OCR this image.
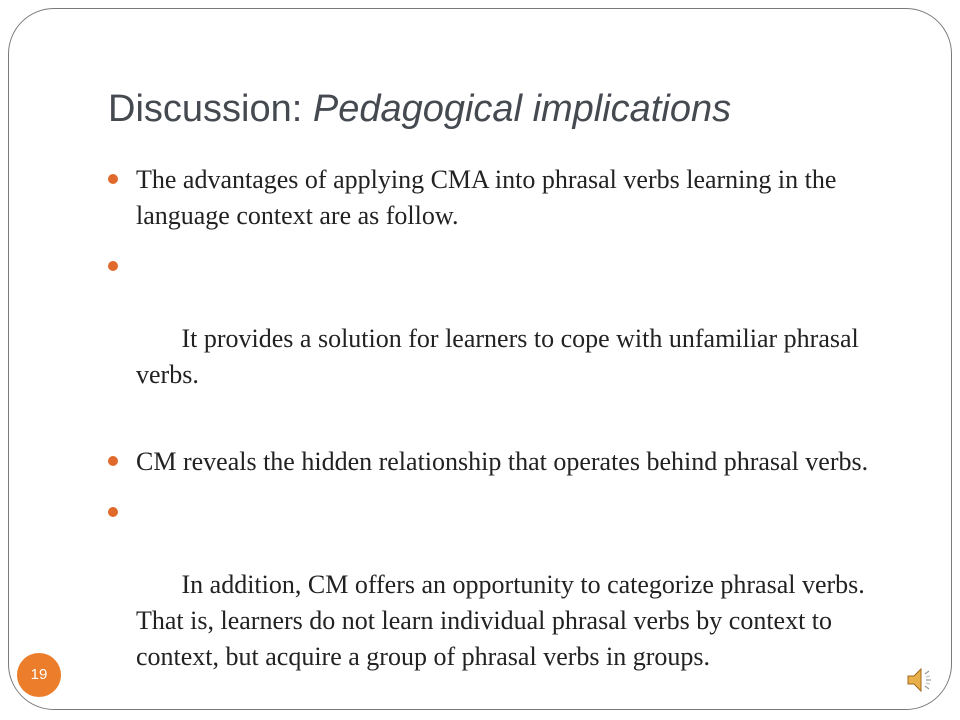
Discussion: Pedagogical implications
The advantages of applying CMA into phrasal verbs learning in the language context are as follow.

It provides a solution for learners to cope with unfamiliar phrasal verbs.

CM reveals the hidden relationship that operates behind phrasal verbs.

In addition, CM offers an opportunity to categorize phrasal verbs. That is, learners do not learn individual phrasal verbs by context to context, but acquire a group of phrasal verbs in groups.

19
